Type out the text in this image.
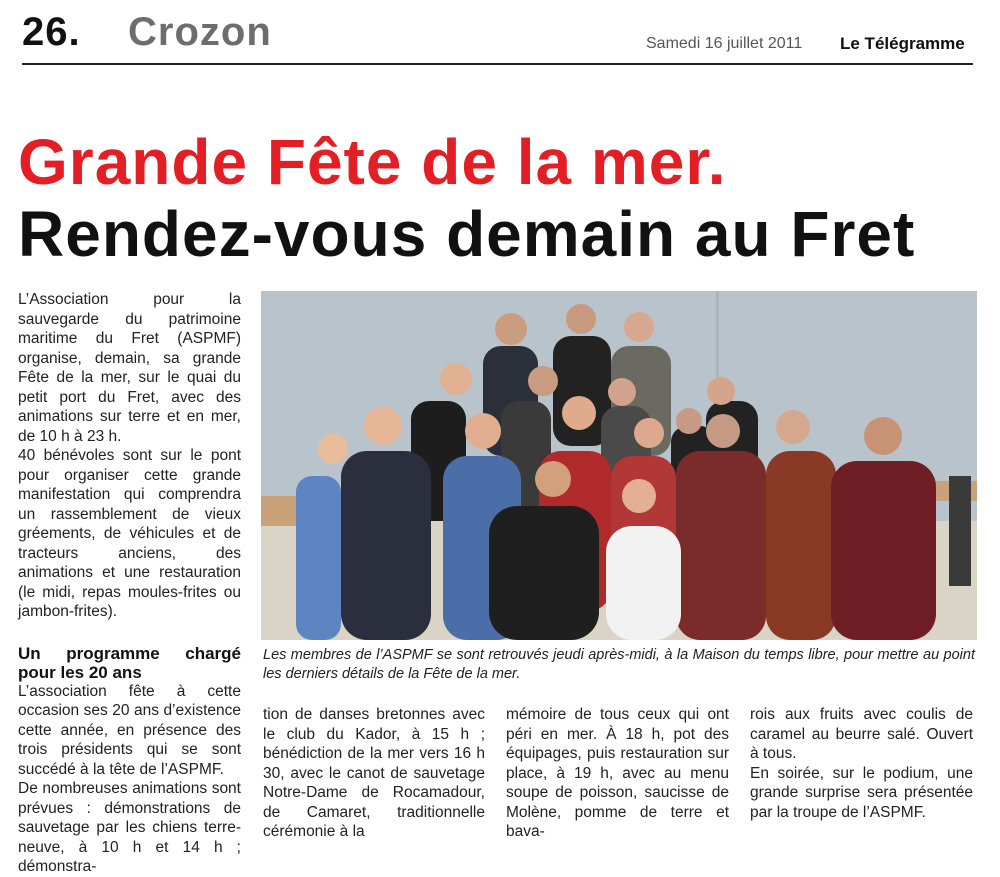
26. Crozon	Samedi 16 juillet 2011 Le Télégramme
Grande Fête de la mer.
Rendez-vous demain au Fret

L’Association pour la sauvegarde du patrimoine maritime du Fret (ASPMF) organise, demain, sa grande Fête de la mer, sur le quai du petit port du Fret, avec des animations sur terre et en mer, de 10 h à 23 h.

40 bénévoles sont sur le pont pour organiser cette grande manifestation qui comprendra un rassemblement de vieux gréements, de véhicules et de tracteurs anciens, des animations et une restauration (le midi, repas moules-frites ou jambon-frites).

Un programme chargé pour les 20 ans

L’association fête à cette occasion ses 20 ans d’existence cette année, en présence des trois présidents qui se sont succédé à la tête de l’ASPMF.

De nombreuses animations sont prévues : démonstrations de sauvetage par les chiens terre-neuve, à 10 h et 14 h ; démonstra-

Les membres de l’ASPMF se sont retrouvés jeudi après-midi, à la Maison du temps libre, pour mettre au point les derniers détails de la Fête de la mer.

tion de danses bretonnes avec le club du Kador, à 15 h ; bénédiction de la mer vers 16 h 30, avec le canot de sauvetage Notre-Dame de Rocamadour, de Camaret, traditionnelle cérémonie à la

mémoire de tous ceux qui ont péri en mer. À 18 h, pot des équipages, puis restauration sur place, à 19 h, avec au menu soupe de poisson, saucisse de Molène, pomme de terre et bava-

rois aux fruits avec coulis de caramel au beurre salé. Ouvert à tous.

En soirée, sur le podium, une grande surprise sera présentée par la troupe de l’ASPMF.
